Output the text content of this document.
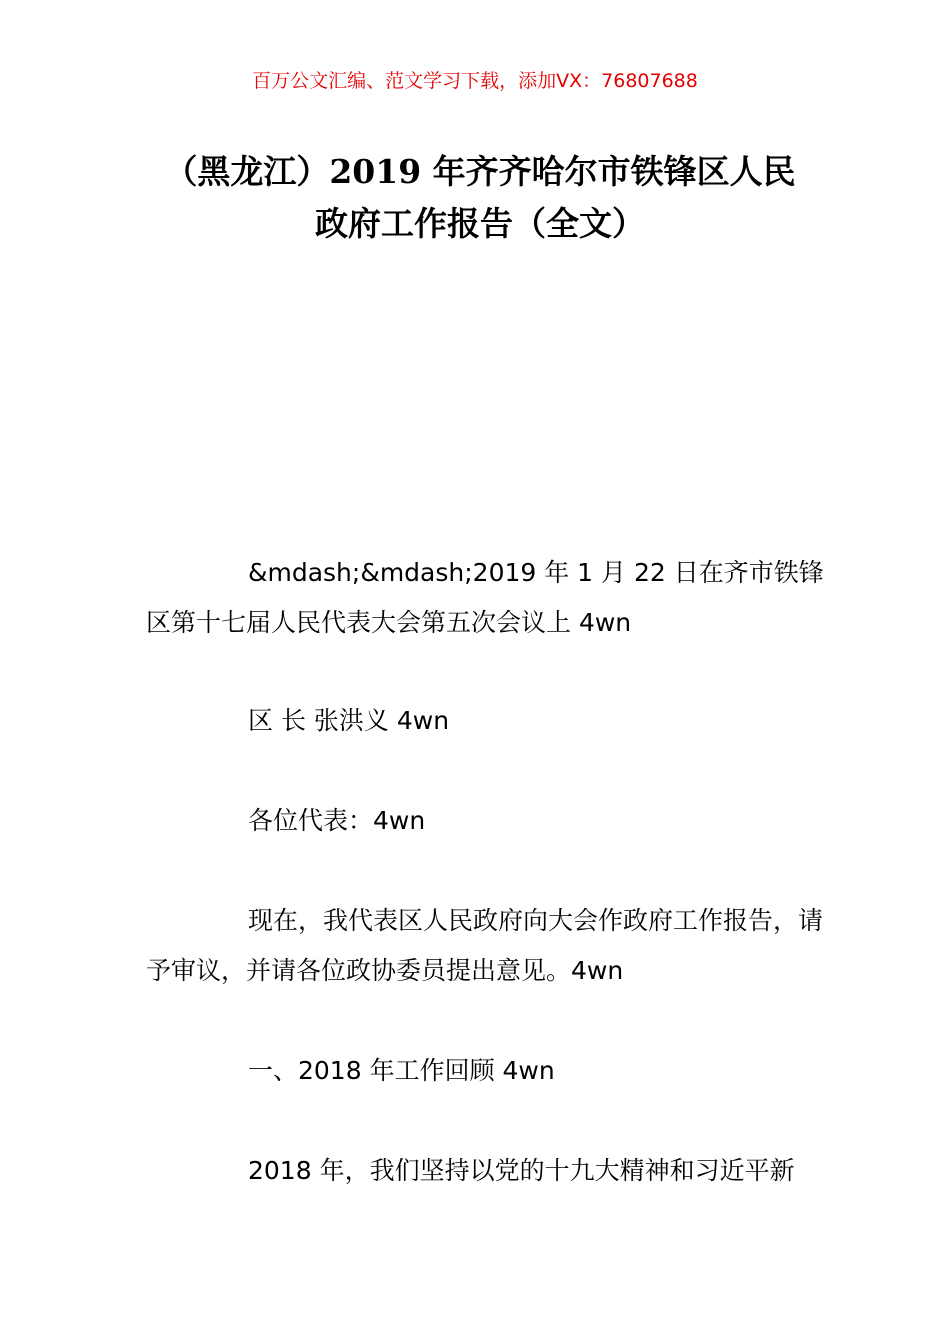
百万公文汇编、范文学习下载，添加VX：76807688
（黑龙江）2019 年齐齐哈尔市铁锋区人民
政府工作报告（全文）

&mdash;&mdash;2019 年 1 月 22 日在齐市铁锋区第十七届人民代表大会第五次会议上 4wn

区 长 张洪义 4wn

各位代表：4wn

现在，我代表区人民政府向大会作政府工作报告，请予审议，并请各位政协委员提出意见。4wn

一、2018 年工作回顾 4wn

2018 年，我们坚持以党的十九大精神和习近平新
